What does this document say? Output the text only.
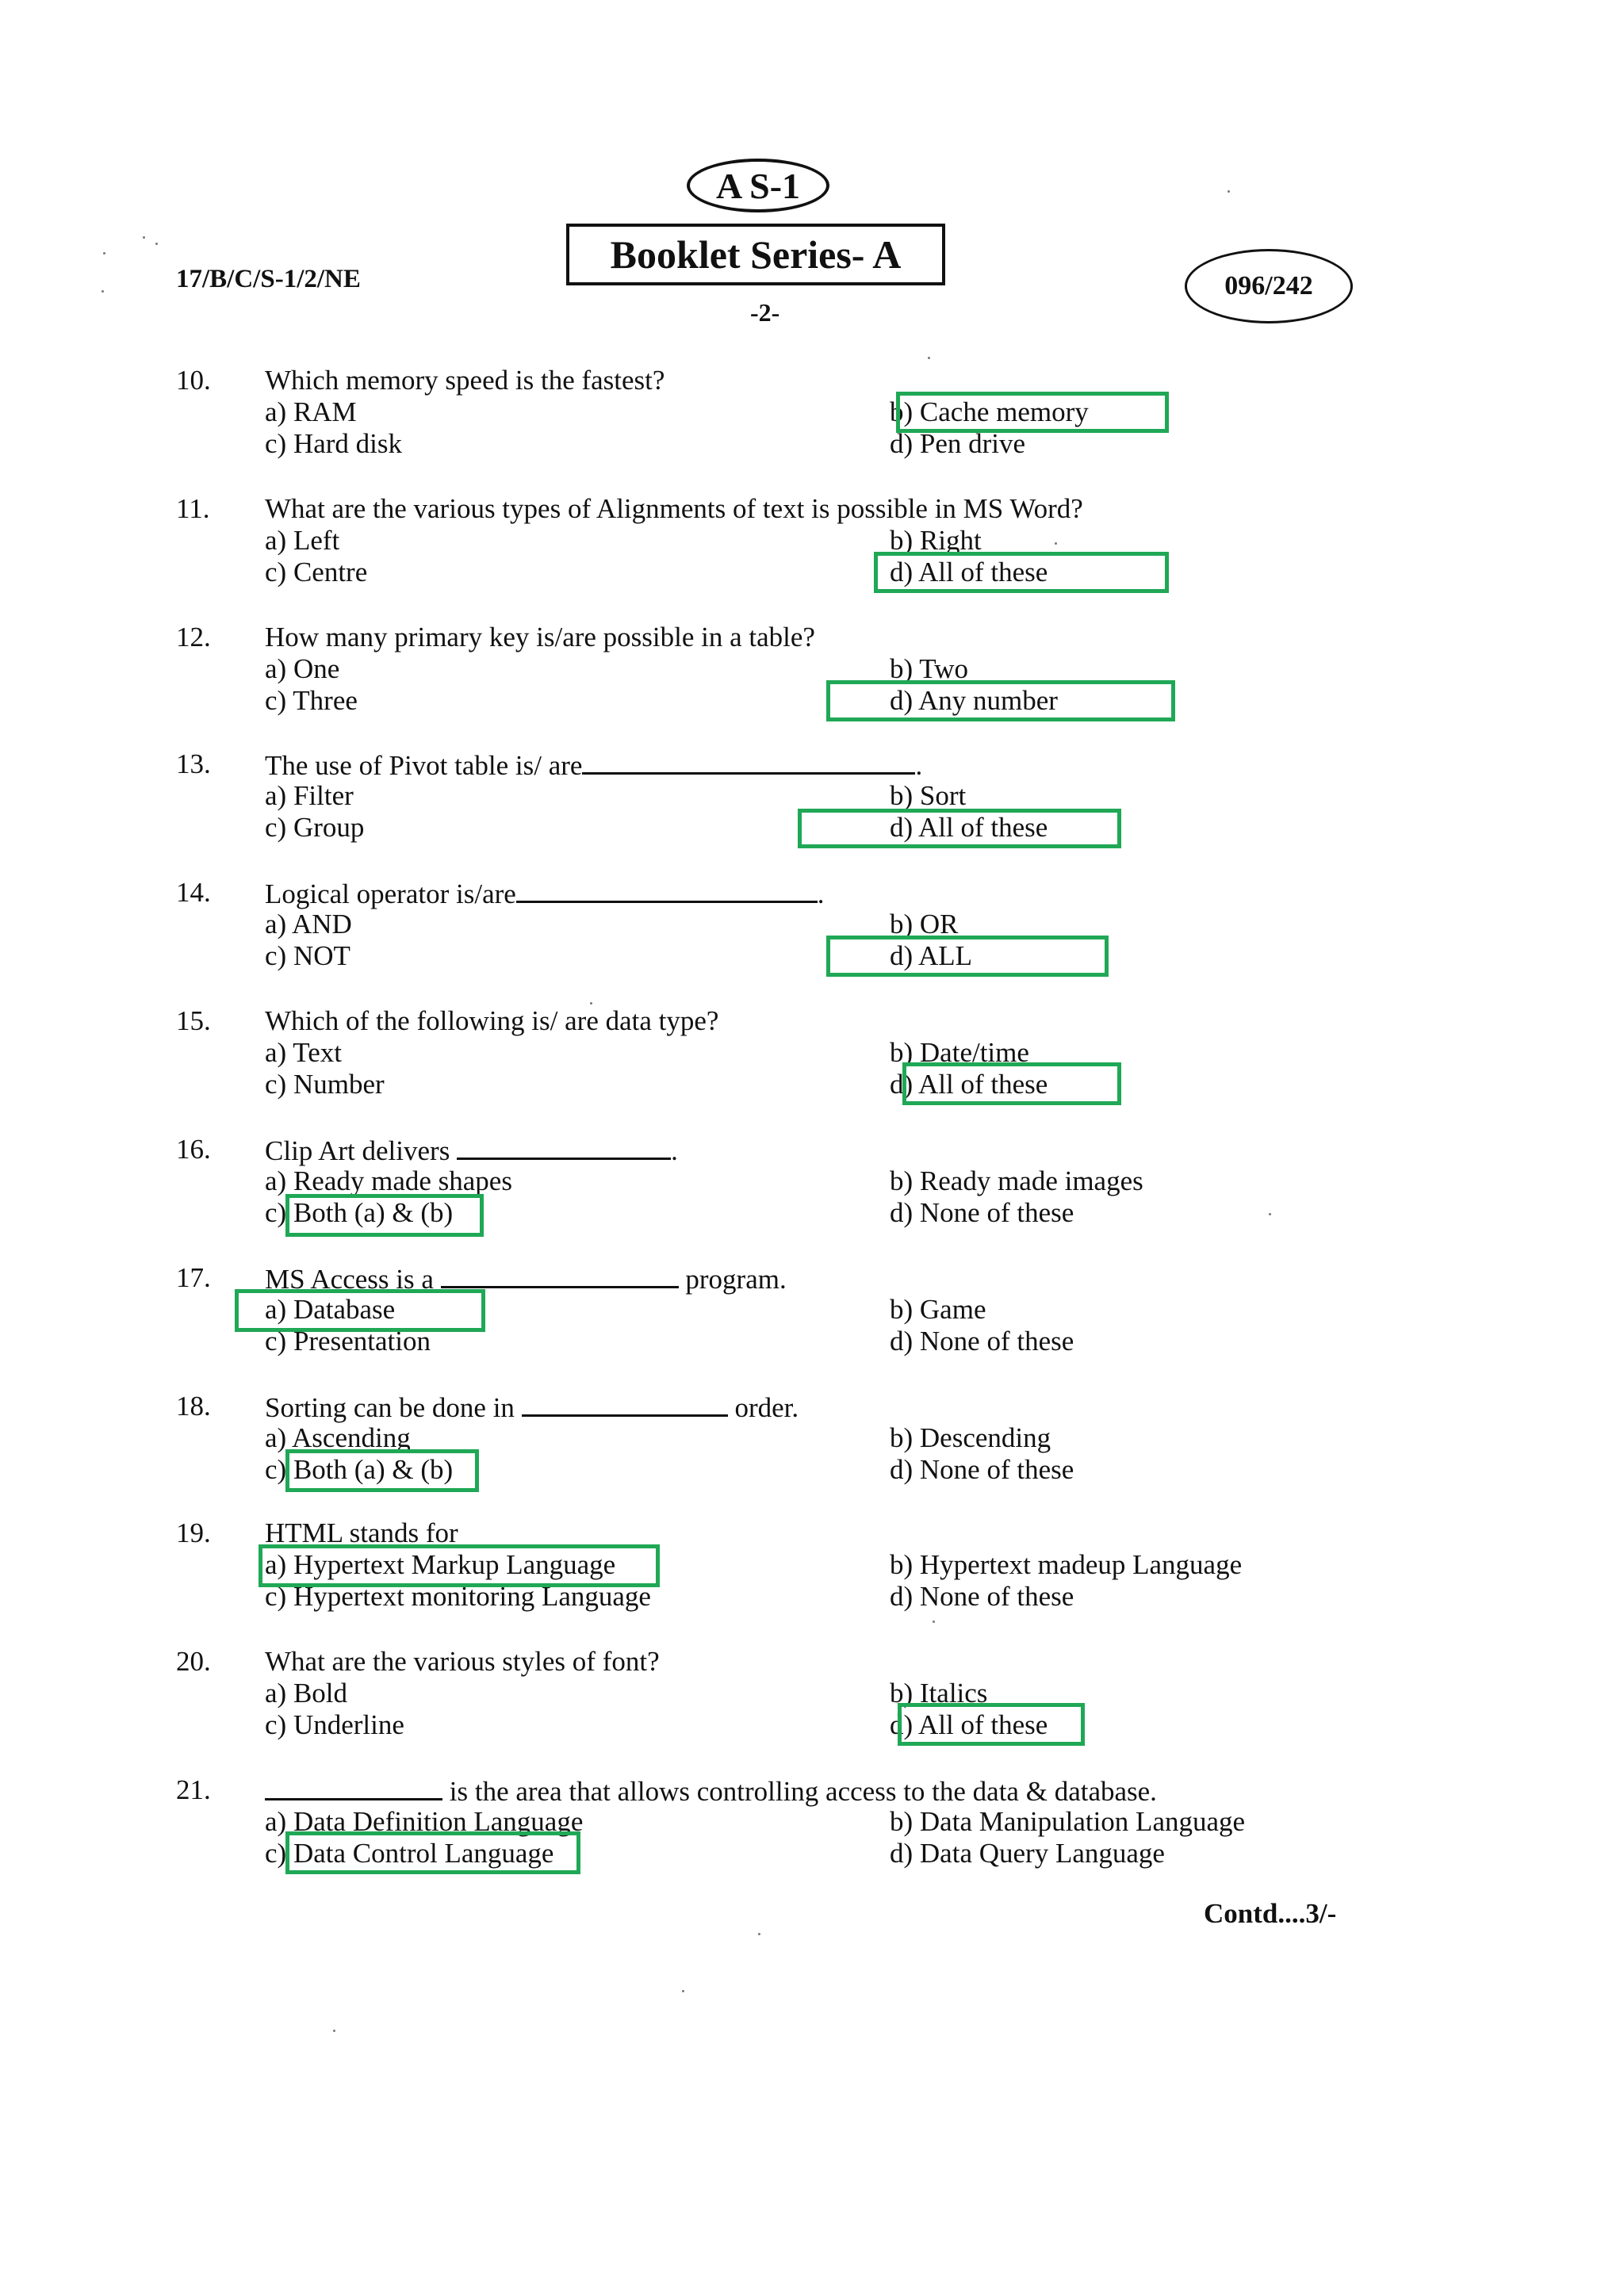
A S-1
Booklet Series- A
17/B/C/S-1/2/NE	096/242
-2-
10. Which memory speed is the fastest?
a) RAM	b) Cache memory
c) Hard disk	d) Pen drive
11. What are the various types of Alignments of text is possible in MS Word?
a) Left	b) Right
c) Centre	d) All of these
12. How many primary key is/are possible in a table?
a) One	b) Two
c) Three	d) Any number
13. The use of Pivot table is/ are	.
a) Filter	b) Sort
c) Group	d) All of these
14. Logical operator is/are	.
a) AND	b) OR
c) NOT	d) ALL
15. Which of the following is/ are data type?
a) Text	b) Date/time
c) Number	d) All of these
16. Clip Art delivers	.
a) Ready made shapes	b) Ready made images
c) Both (a) & (b)	d) None of these
17. MS Access is a	program.
a) Database	b) Game
c) Presentation	d) None of these
18. Sorting can be done in	order.
a) Ascending	b) Descending
c) Both (a) & (b)	d) None of these
19. HTML stands for
a) Hypertext Markup Language	b) Hypertext madeup Language
c) Hypertext monitoring Language	d) None of these
20. What are the various styles of font?
a) Bold	b) Italics
c) Underline	d) All of these
21.	is the area that allows controlling access to the data & database.
a) Data Definition Language	b) Data Manipulation Language
c) Data Control Language	d) Data Query Language
Contd....3/-
